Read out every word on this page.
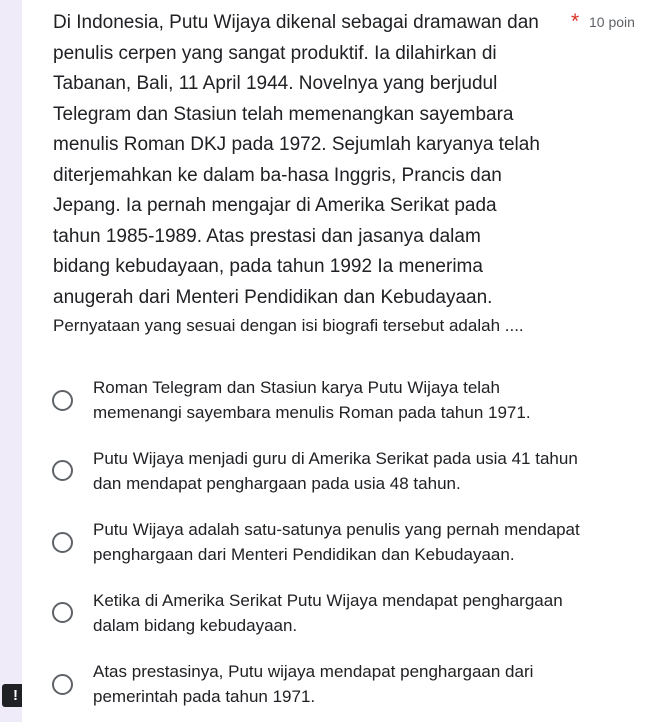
!
Di Indonesia, Putu Wijaya dikenal sebagai dramawan dan
penulis cerpen yang sangat produktif. Ia dilahirkan di
Tabanan, Bali, 11 April 1944. Novelnya yang berjudul
Telegram dan Stasiun telah memenangkan sayembara
menulis Roman DKJ pada 1972. Sejumlah karyanya telah
diterjemahkan ke dalam ba-hasa Inggris, Prancis dan
Jepang. Ia pernah mengajar di Amerika Serikat pada
tahun 1985-1989. Atas prestasi dan jasanya dalam
bidang kebudayaan, pada tahun 1992 Ia menerima
anugerah dari Menteri Pendidikan dan Kebudayaan.
* 10 poin
Pernyataan yang sesuai dengan isi biografi tersebut adalah ....
Roman Telegram dan Stasiun karya Putu Wijaya telah
memenangi sayembara menulis Roman pada tahun 1971.
Putu Wijaya menjadi guru di Amerika Serikat pada usia 41 tahun
dan mendapat penghargaan pada usia 48 tahun.
Putu Wijaya adalah satu-satunya penulis yang pernah mendapat
penghargaan dari Menteri Pendidikan dan Kebudayaan.
Ketika di Amerika Serikat Putu Wijaya mendapat penghargaan
dalam bidang kebudayaan.
Atas prestasinya, Putu wijaya mendapat penghargaan dari
pemerintah pada tahun 1971.
